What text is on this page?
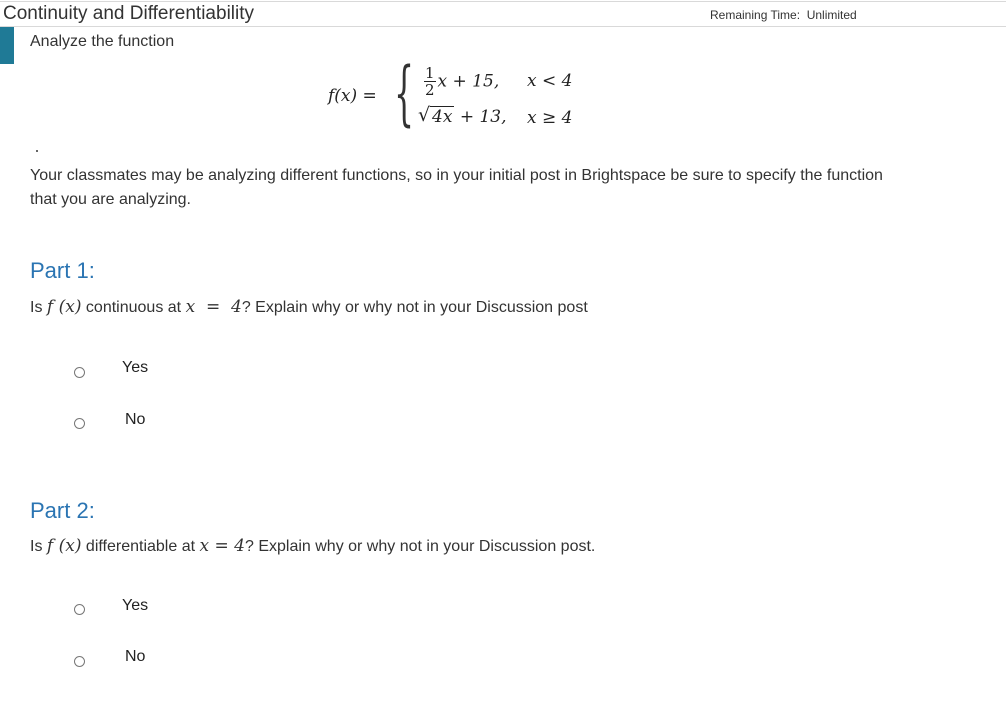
Continuity and Differentiability	Remaining Time: Unlimited
Analyze the function
f(x) = { $\frac{1}{2}$ x + 15, x < 4
√ 4x + 13, x ≥ 4
Your classmates may be analyzing different functions, so in your initial post in Brightspace be sure to specify the function that you are analyzing.
Part 1:
Is f (x) continuous at x  =  4? Explain why or why not in your Discussion post
Yes
No
Part 2:
Is f (x) differentiable at x = 4? Explain why or why not in your Discussion post.
Yes
No
